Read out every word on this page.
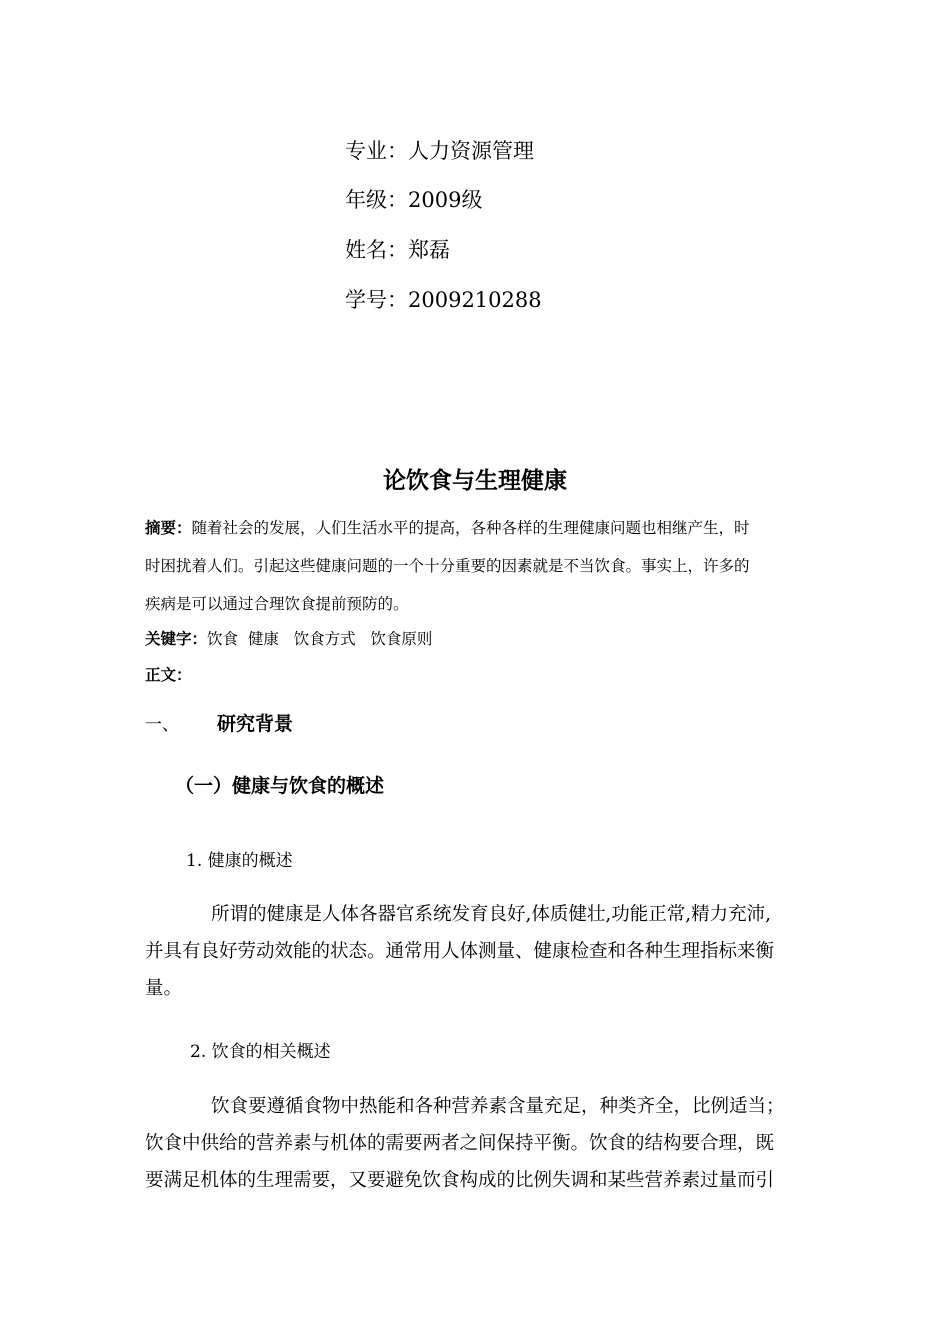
专业：人力资源管理
年级：2009级
姓名：郑磊
学号：2009210288
论饮食与生理健康
摘要：随着社会的发展，人们生活水平的提高，各种各样的生理健康问题也相继产生，时
时困扰着人们。引起这些健康问题的一个十分重要的因素就是不当饮食。事实上，许多的
疾病是可以通过合理饮食提前预防的。
关键字：饮食  健康   饮食方式   饮食原则
正文：
一、 研究背景
（一）健康与饮食的概述
1. 健康的概述
所谓的健康是人体各器官系统发育良好,体质健壮,功能正常,精力充沛,
并具有良好劳动效能的状态。通常用人体测量、健康检查和各种生理指标来衡
量。
2. 饮食的相关概述
饮食要遵循食物中热能和各种营养素含量充足，种类齐全，比例适当；
饮食中供给的营养素与机体的需要两者之间保持平衡。饮食的结构要合理，既
要满足机体的生理需要，又要避免饮食构成的比例失调和某些营养素过量而引
